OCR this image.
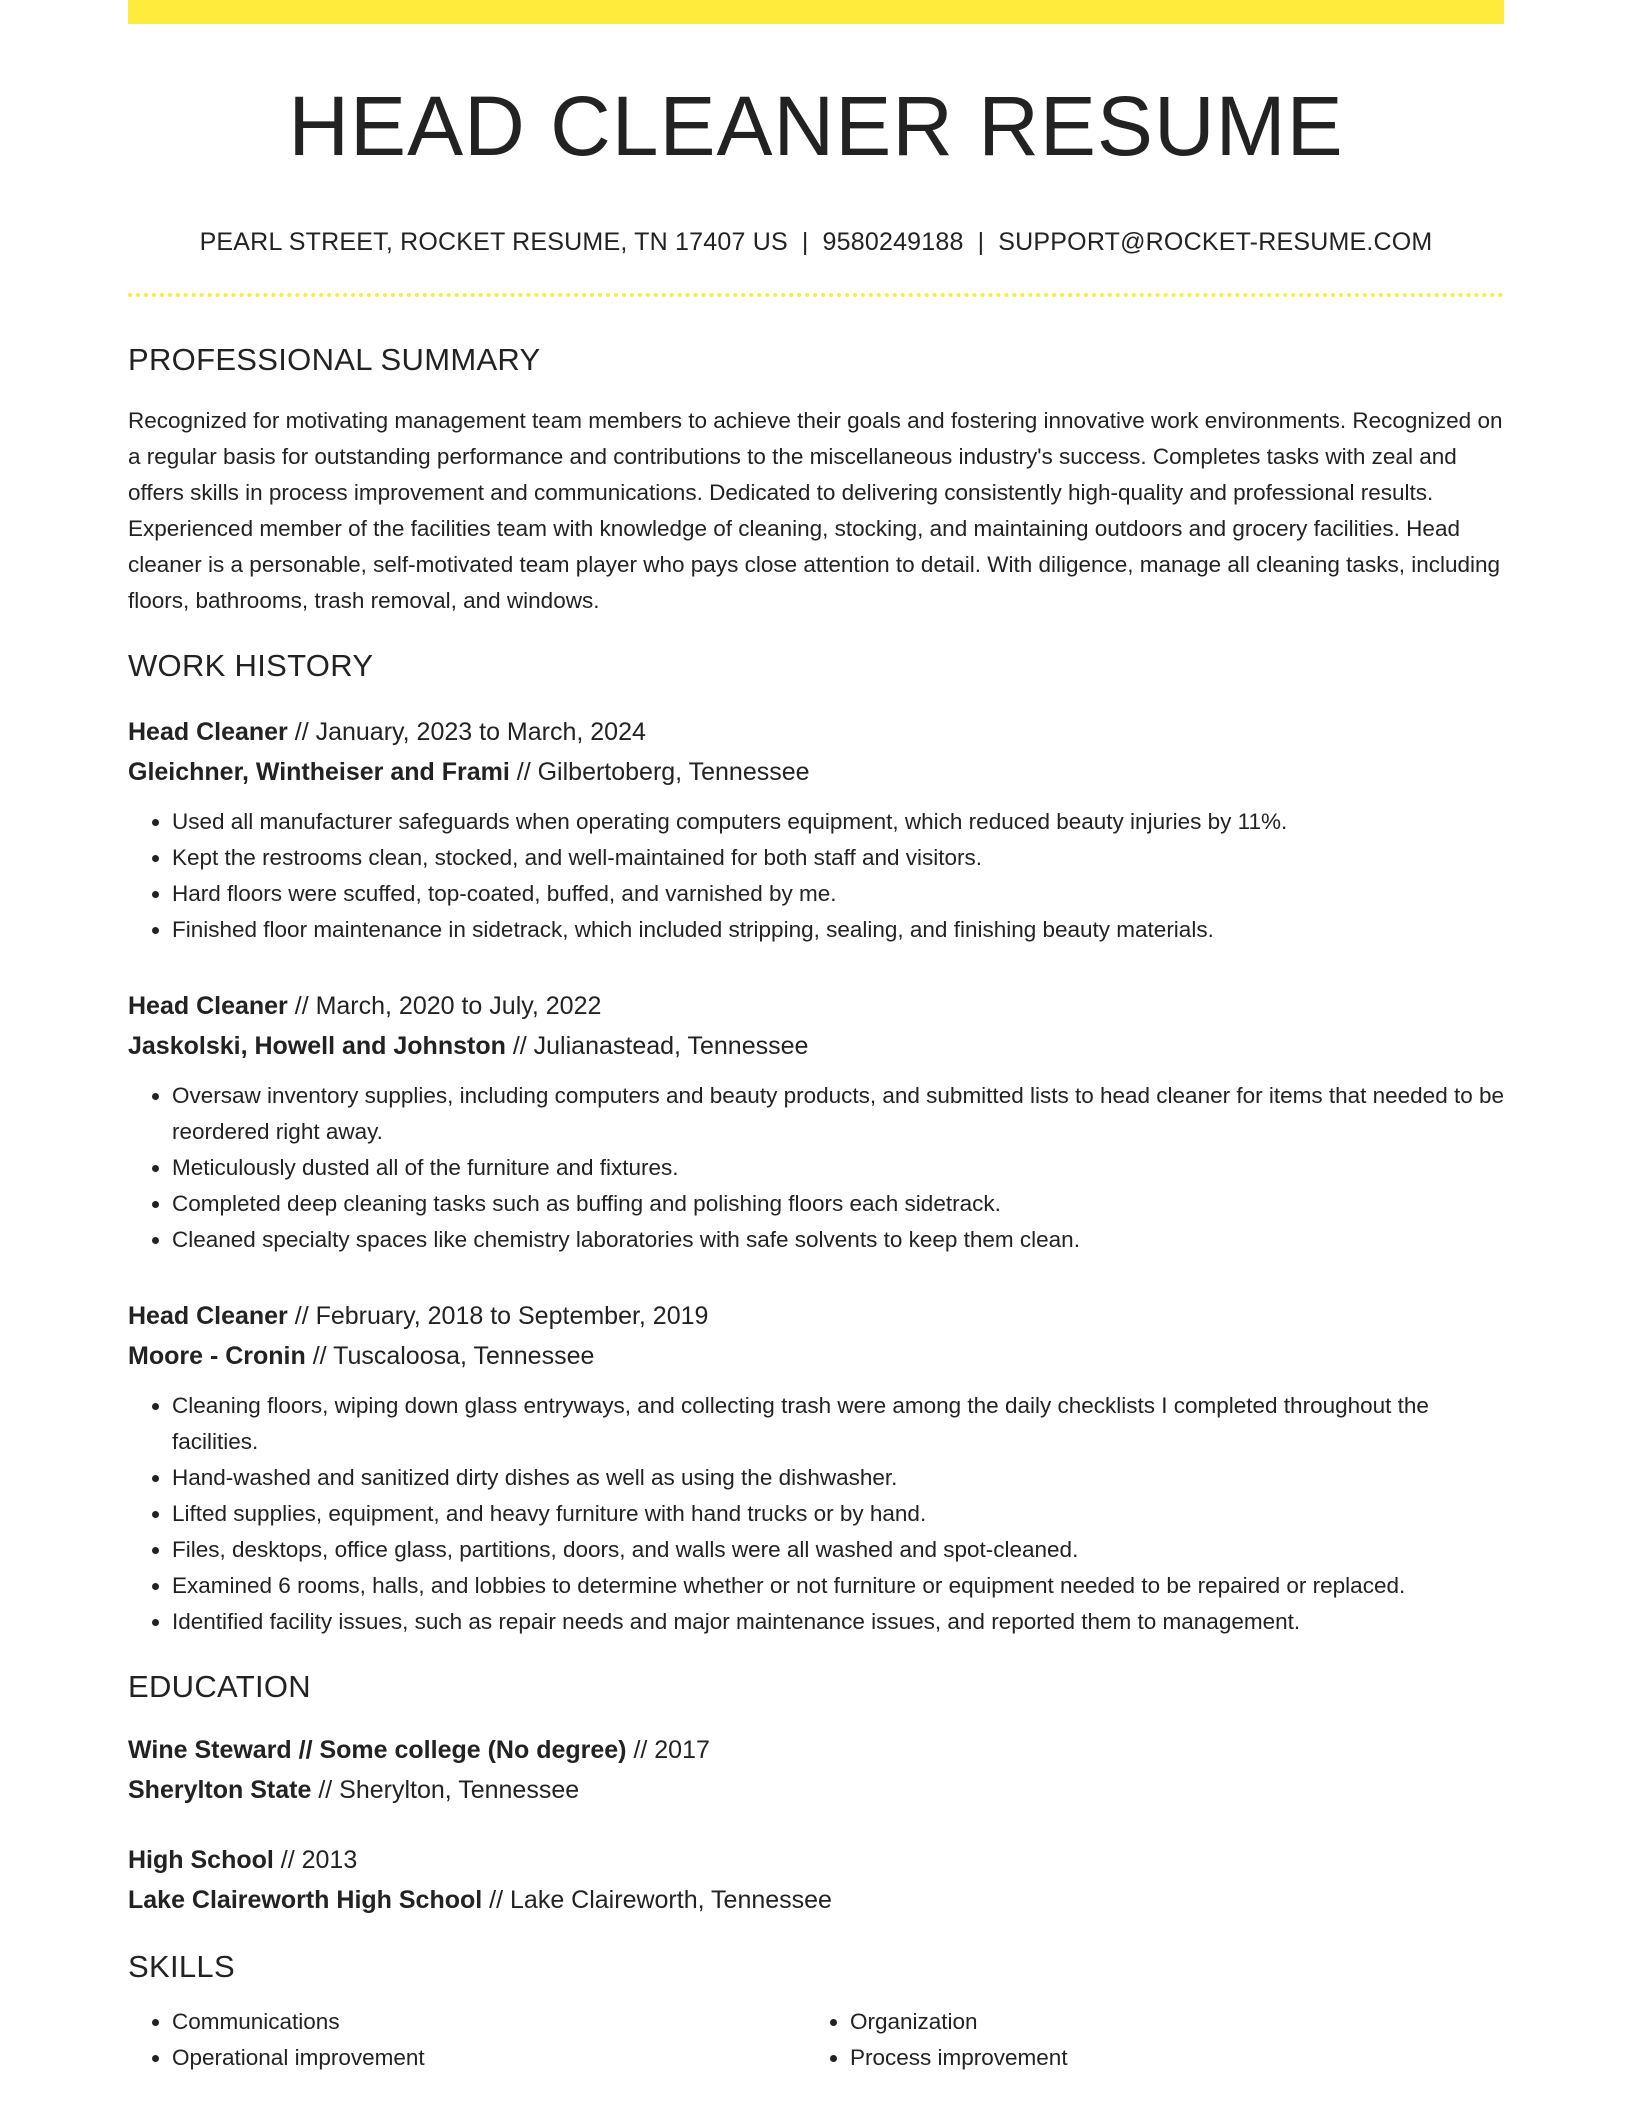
HEAD CLEANER RESUME
PEARL STREET, ROCKET RESUME, TN 17407 US | 9580249188 | SUPPORT@ROCKET-RESUME.COM
PROFESSIONAL SUMMARY

Recognized for motivating management team members to achieve their goals and fostering innovative work environments. Recognized on a regular basis for outstanding performance and contributions to the miscellaneous industry's success. Completes tasks with zeal and offers skills in process improvement and communications. Dedicated to delivering consistently high-quality and professional results. Experienced member of the facilities team with knowledge of cleaning, stocking, and maintaining outdoors and grocery facilities. Head cleaner is a personable, self-motivated team player who pays close attention to detail. With diligence, manage all cleaning tasks, including floors, bathrooms, trash removal, and windows.

WORK HISTORY
Head Cleaner // January, 2023 to March, 2024
Gleichner, Wintheiser and Frami // Gilbertoberg, Tennessee
• Used all manufacturer safeguards when operating computers equipment, which reduced beauty injuries by 11%.
• Kept the restrooms clean, stocked, and well-maintained for both staff and visitors.
• Hard floors were scuffed, top-coated, buffed, and varnished by me.
• Finished floor maintenance in sidetrack, which included stripping, sealing, and finishing beauty materials.
Head Cleaner // March, 2020 to July, 2022
Jaskolski, Howell and Johnston // Julianastead, Tennessee
• Oversaw inventory supplies, including computers and beauty products, and submitted lists to head cleaner for items that needed to be reordered right away.
• Meticulously dusted all of the furniture and fixtures.
• Completed deep cleaning tasks such as buffing and polishing floors each sidetrack.
• Cleaned specialty spaces like chemistry laboratories with safe solvents to keep them clean.
Head Cleaner // February, 2018 to September, 2019
Moore - Cronin // Tuscaloosa, Tennessee
• Cleaning floors, wiping down glass entryways, and collecting trash were among the daily checklists I completed throughout the facilities.
• Hand-washed and sanitized dirty dishes as well as using the dishwasher.
• Lifted supplies, equipment, and heavy furniture with hand trucks or by hand.
• Files, desktops, office glass, partitions, doors, and walls were all washed and spot-cleaned.
• Examined 6 rooms, halls, and lobbies to determine whether or not furniture or equipment needed to be repaired or replaced.
• Identified facility issues, such as repair needs and major maintenance issues, and reported them to management.
EDUCATION
Wine Steward // Some college (No degree) // 2017
Sherylton State // Sherylton, Tennessee
High School // 2013
Lake Claireworth High School // Lake Claireworth, Tennessee
SKILLS
• Communications
• Operational improvement
• Organization
• Process improvement
